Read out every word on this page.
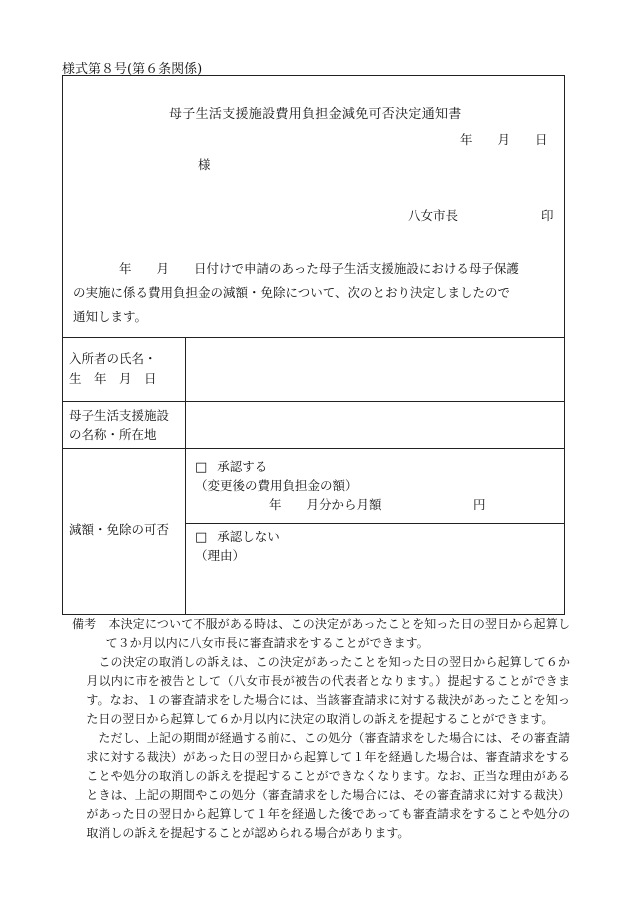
様式第８号(第６条関係)
母子生活支援施設費用負担金減免可否決定通知書
年　　月　　日
様
八女市長	印
年　　月　　日付けで申請のあった母子生活支援施設における母子保護
の実施に係る費用負担金の減額・免除について、次のとおり決定しましたので
通知します。
入所者の氏名・
生　年　月　日
母子生活支援施設
の名称・所在地
減額・免除の可否
□ 承認する
（変更後の費用負担金の額）
年　　月分から月額	円
□ 承認しない
（理由）

備考　本決定について不服がある時は、この決定があったことを知った日の翌日から起算して３か月以内に八女市長に審査請求をすることができます。

この決定の取消しの訴えは、この決定があったことを知った日の翌日から起算して６か月以内に市を被告として（八女市長が被告の代表者となります。）提起することができます。なお、１の審査請求をした場合には、当該審査請求に対する裁決があったことを知った日の翌日から起算して６か月以内に決定の取消しの訴えを提起することができます。

ただし、上記の期間が経過する前に、この処分（審査請求をした場合には、その審査請求に対する裁決）があった日の翌日から起算して１年を経過した場合は、審査請求をすることや処分の取消しの訴えを提起することができなくなります。なお、正当な理由があるときは、上記の期間やこの処分（審査請求をした場合には、その審査請求に対する裁決）があった日の翌日から起算して１年を経過した後であっても審査請求をすることや処分の取消しの訴えを提起することが認められる場合があります。
